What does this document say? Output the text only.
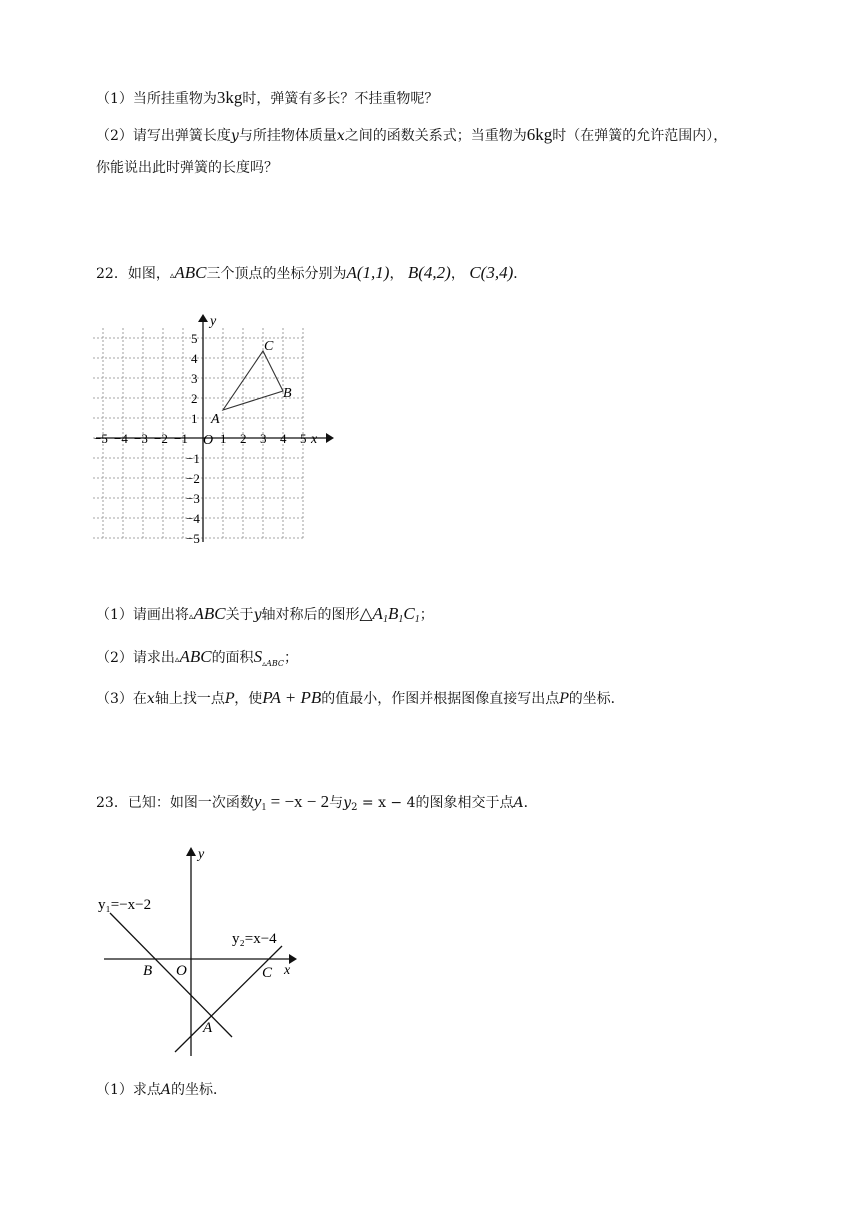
（1）当所挂重物为3kg时，弹簧有多长？不挂重物呢？
（2）请写出弹簧长度y与所挂物体质量x之间的函数关系式；当重物为6kg时（在弹簧的允许范围内），
你能说出此时弹簧的长度吗？
22．如图，▵ABC三个顶点的坐标分别为A(1,1)， B(4,2)， C(3,4)．
−5 −4 −3 −2 −1 1 2 3 4 5
5
4
3
2
1
−1
−2
−3
−4
−5
O	x
y
A
B
C
（1）请画出将▵ABC关于y轴对称后的图形$\triangle A_1B_1C_1$；
（2）请求出▵ABC的面积$S_{▵ABC}$；
（3）在x轴上找一点P，使PA + PB的值最小，作图并根据图像直接写出点P的坐标．
23．已知：如图一次函数$y_1 = -x - 2$与$y_2 = x - 4$的图象相交于点A．
y₁=−x−2
y₂=x−4
B O	C
A
x
y
（1）求点A的坐标．
